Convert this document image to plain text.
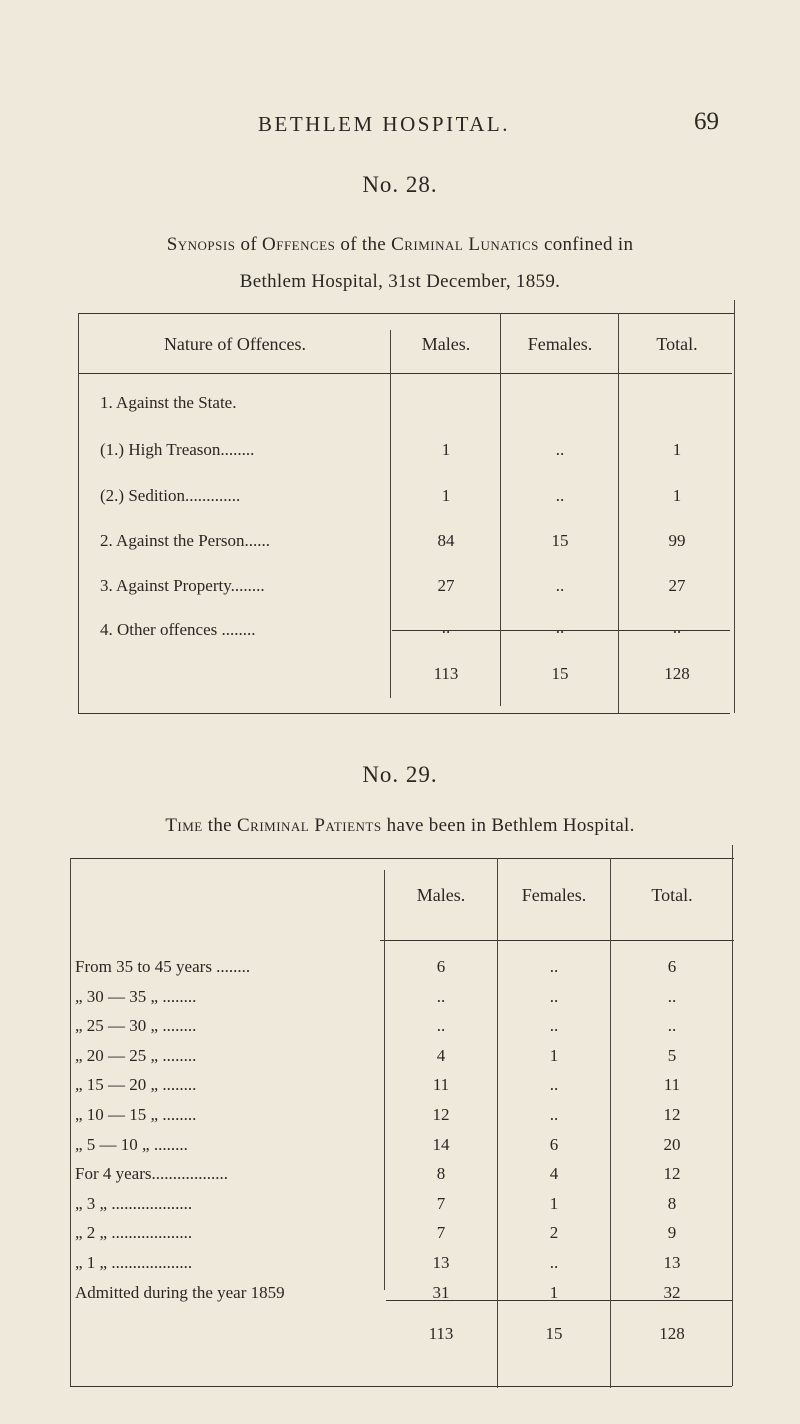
BETHLEM HOSPITAL.	69
No. 28.
Synopsis of Offences of the Criminal Lunatics confined in
Bethlem Hospital, 31st December, 1859.
Nature of Offences.	Males.	Females.	Total.
1. Against the State.
(1.) High Treason........	1	..	1
(2.) Sedition.............	1	..	1
2. Against the Person......	84	15	99
3. Against Property........	27	..	27
4. Other offences ........	..	..	..
113	15	128
No. 29.
Time the Criminal Patients have been in Bethlem Hospital.
Males.	Females.	Total.
From 35 to 45 years ........	6	..	6
„ 30 — 35 „ ........	..	..	..
„ 25 — 30 „ ........	..	..	..
„ 20 — 25 „ ........	4	1	5
„ 15 — 20 „ ........	11	..	11
„ 10 — 15 „ ........	12	..	12
„ 5 — 10 „ ........	14	6	20
For 4 years..................	8	4	12
„ 3 „ ...................	7	1	8
„ 2 „ ...................	7	2	9
„ 1 „ ...................	13	..	13
Admitted during the year 1859	31	1	32
113	15	128
